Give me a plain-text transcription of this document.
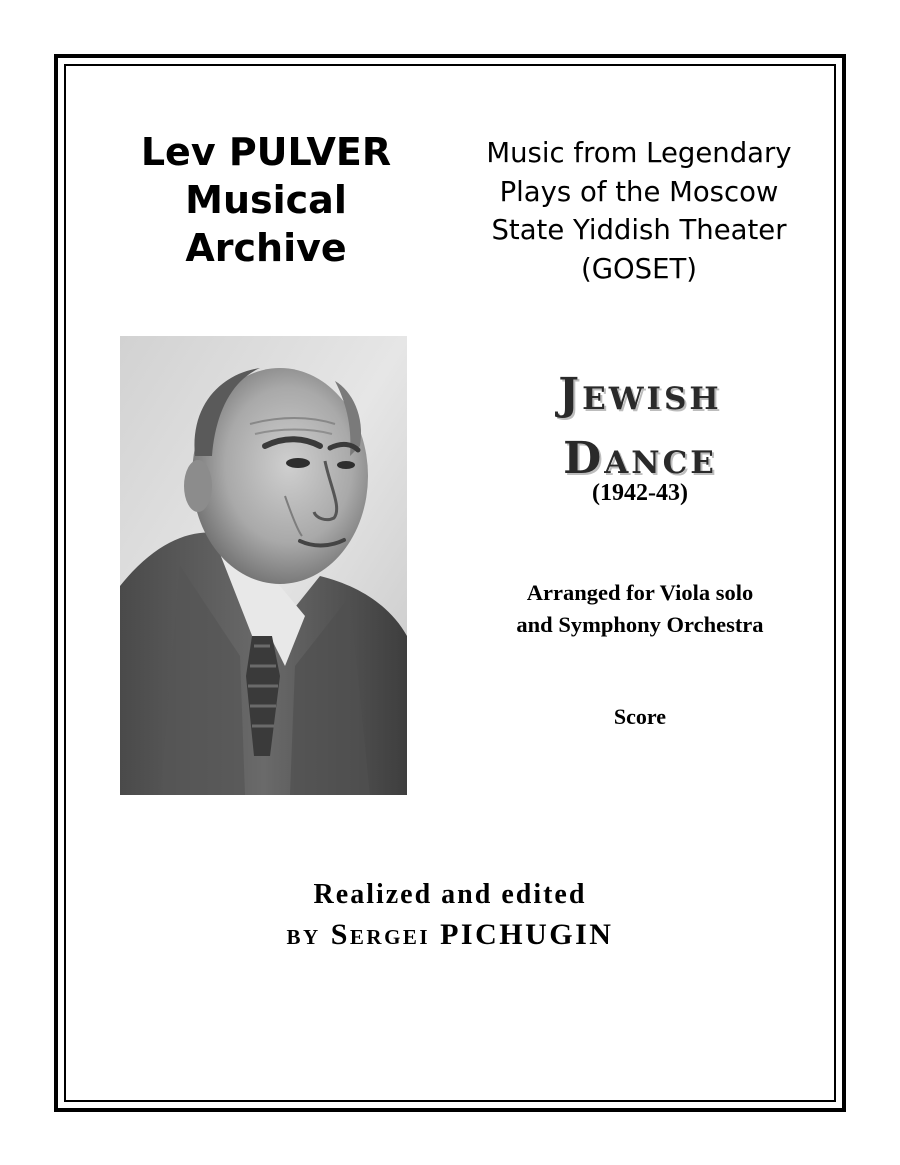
Lev PULVER
Musical
Archive
Music from Legendary
Plays of the Moscow
State Yiddish Theater
(GOSET)
Jewish
Dance
(1942-43)
Arranged for Viola solo
and Symphony Orchestra
Score
Realized and edited
by Sergei PICHUGIN
